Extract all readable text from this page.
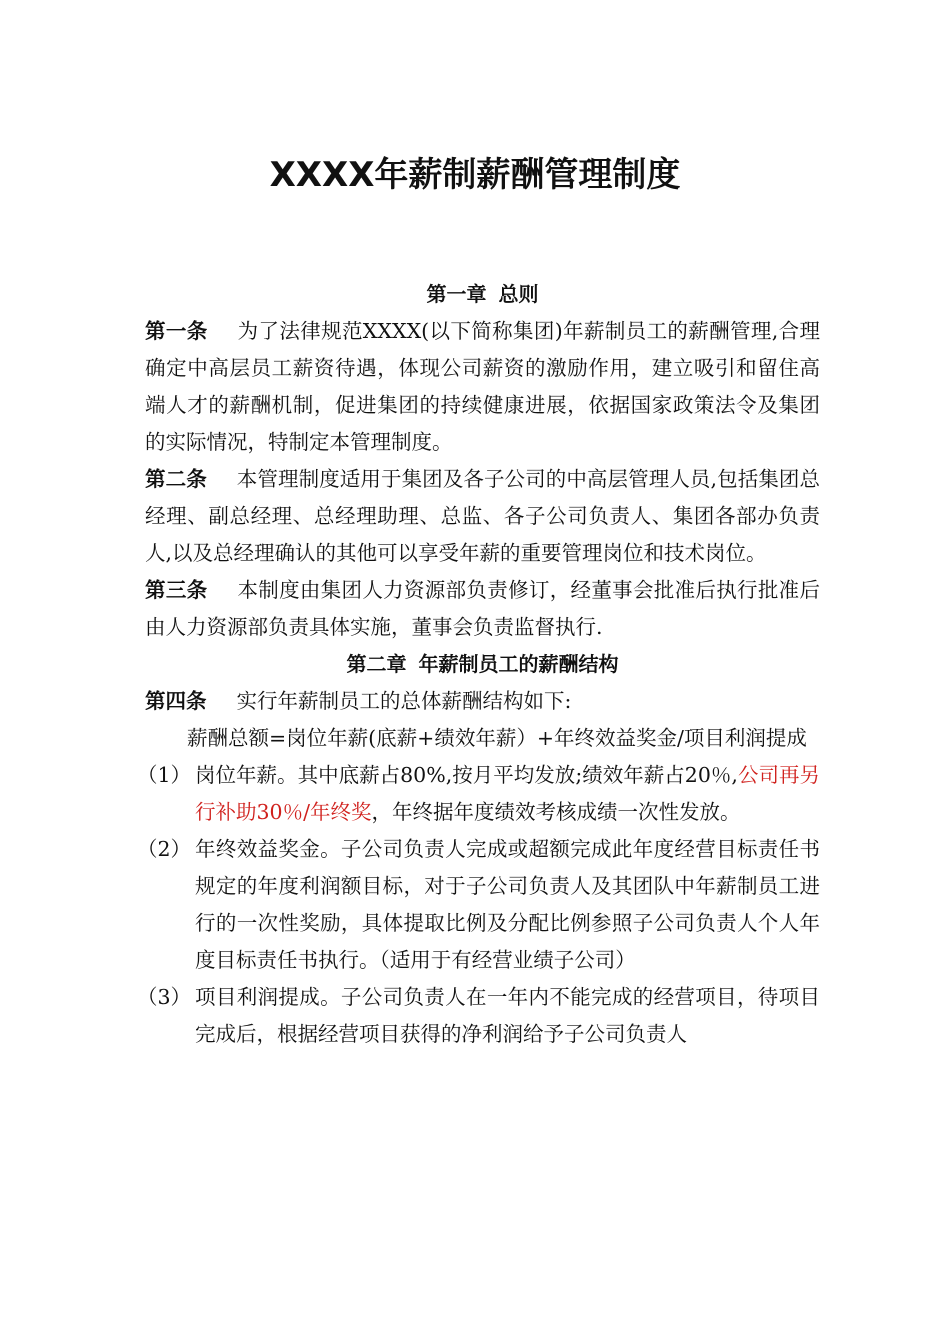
XXXX年薪制薪酬管理制度
第一章 总则

第一条 为了法律规范XXXX(以下简称集团)年薪制员工的薪酬管理,合理确定中高层员工薪资待遇，体现公司薪资的激励作用，建立吸引和留住高端人才的薪酬机制，促进集团的持续健康进展，依据国家政策法令及集团的实际情况，特制定本管理制度。

第二条 本管理制度适用于集团及各子公司的中高层管理人员,包括集团总经理、副总经理、总经理助理、总监、各子公司负责人、集团各部办负责人,以及总经理确认的其他可以享受年薪的重要管理岗位和技术岗位。

第三条 本制度由集团人力资源部负责修订，经董事会批准后执行批准后由人力资源部负责具体实施，董事会负责监督执行.

第二章 年薪制员工的薪酬结构

第四条 实行年薪制员工的总体薪酬结构如下:

薪酬总额=岗位年薪(底薪+绩效年薪）+年终效益奖金/项目利润提成

（1） 岗位年薪。其中底薪占80%,按月平均发放;绩效年薪占20％,公司再另行补助30％/年终奖，年终据年度绩效考核成绩一次性发放。
（2） 年终效益奖金。子公司负责人完成或超额完成此年度经营目标责任书规定的年度利润额目标，对于子公司负责人及其团队中年薪制员工进行的一次性奖励，具体提取比例及分配比例参照子公司负责人个人年度目标责任书执行。（适用于有经营业绩子公司）
（3） 项目利润提成。子公司负责人在一年内不能完成的经营项目，待项目完成后，根据经营项目获得的净利润给予子公司负责人
